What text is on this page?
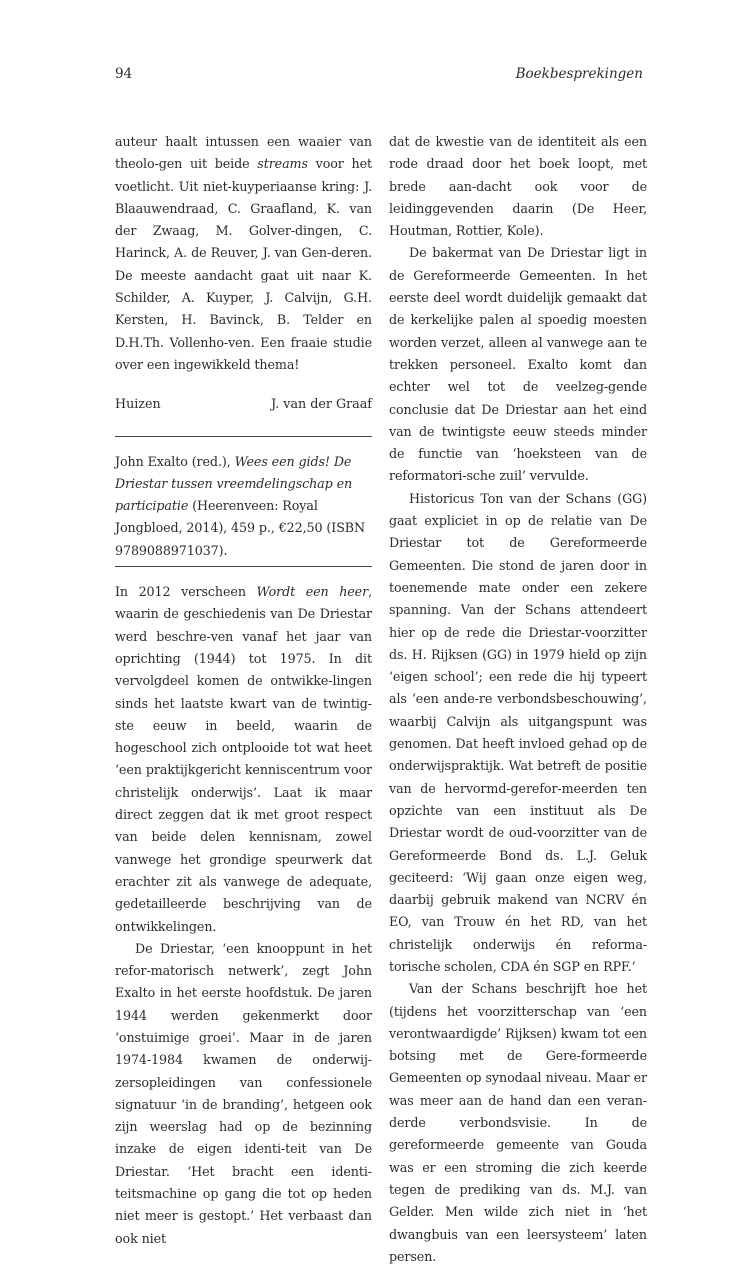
94	Boekbesprekingen

auteur haalt intussen een waaier van theolo-gen uit beide streams voor het voetlicht. Uit niet-kuyperiaanse kring: J. Blaauwendraad, C. Graafland, K. van der Zwaag, M. Golver-dingen, C. Harinck, A. de Reuver, J. van Gen-deren. De meeste aandacht gaat uit naar K. Schilder, A. Kuyper, J. Calvijn, G.H. Kersten, H. Bavinck, B. Telder en D.H.Th. Vollenho-ven. Een fraaie studie over een ingewikkeld thema!

Huizen	J. van der Graaf

John Exalto (red.), Wees een gids! De Driestar tussen vreemdelingschap en participatie (Heerenveen: Royal Jongbloed, 2014), 459 p., €22,50 (ISBN 9789088971037).

In 2012 verscheen Wordt een heer, waarin de geschiedenis van De Driestar werd beschre-ven vanaf het jaar van oprichting (1944) tot 1975. In dit vervolgdeel komen de ontwikke-lingen sinds het laatste kwart van de twintig-ste eeuw in beeld, waarin de hogeschool zich ontplooide tot wat heet ‘een praktijkgericht kenniscentrum voor christelijk onderwijs’. Laat ik maar direct zeggen dat ik met groot respect van beide delen kennisnam, zowel vanwege het grondige speurwerk dat erachter zit als vanwege de adequate, gedetailleerde beschrijving van de ontwikkelingen.

De Driestar, ‘een knooppunt in het refor-matorisch netwerk’, zegt John Exalto in het eerste hoofdstuk. De jaren 1944 werden gekenmerkt door ‘onstuimige groei’. Maar in de jaren 1974-1984 kwamen de onderwij-zersopleidingen van confessionele signatuur ‘in de branding’, hetgeen ook zijn weerslag had op de bezinning inzake de eigen identi-teit van De Driestar. ‘Het bracht een identi-teitsmachine op gang die tot op heden niet meer is gestopt.’ Het verbaast dan ook niet

dat de kwestie van de identiteit als een rode draad door het boek loopt, met brede aan-dacht ook voor de leidinggevenden daarin (De Heer, Houtman, Rottier, Kole).

De bakermat van De Driestar ligt in de Gereformeerde Gemeenten. In het eerste deel wordt duidelijk gemaakt dat de kerkelijke palen al spoedig moesten worden verzet, alleen al vanwege aan te trekken personeel. Exalto komt dan echter wel tot de veelzeg-gende conclusie dat De Driestar aan het eind van de twintigste eeuw steeds minder de functie van ‘hoeksteen van de reformatori-sche zuil’ vervulde.

Historicus Ton van der Schans (GG) gaat expliciet in op de relatie van De Driestar tot de Gereformeerde Gemeenten. Die stond de jaren door in toenemende mate onder een zekere spanning. Van der Schans attendeert hier op de rede die Driestar-voorzitter ds. H. Rijksen (GG) in 1979 hield op zijn ‘eigen school’; een rede die hij typeert als ‘een ande-re verbondsbeschouwing’, waarbij Calvijn als uitgangspunt was genomen. Dat heeft invloed gehad op de onderwijspraktijk. Wat betreft de positie van de hervormd-gerefor-meerden ten opzichte van een instituut als De Driestar wordt de oud-voorzitter van de Gereformeerde Bond ds. L.J. Geluk geciteerd: ‘Wij gaan onze eigen weg, daarbij gebruik makend van NCRV én EO, van Trouw én het RD, van het christelijk onderwijs én reforma-torische scholen, CDA én SGP en RPF.’

Van der Schans beschrijft hoe het (tijdens het voorzitterschap van ‘een verontwaardigde’ Rijksen) kwam tot een botsing met de Gere-formeerde Gemeenten op synodaal niveau. Maar er was meer aan de hand dan een veran-derde verbondsvisie. In de gereformeerde gemeente van Gouda was er een stroming die zich keerde tegen de prediking van ds. M.J. van Gelder. Men wilde zich niet in ‘het dwangbuis van een leersysteem’ laten persen.
